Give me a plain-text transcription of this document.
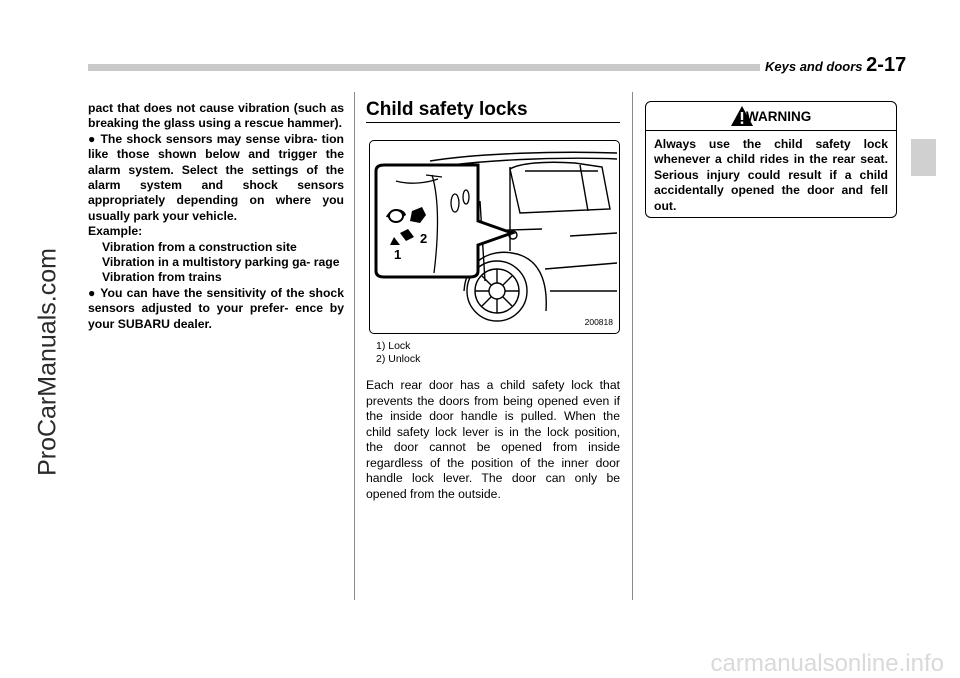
Keys and doors 2-17
ProCarManuals.com
carmanualsonline.info

pact that does not cause vibration (such as breaking the glass using a rescue hammer).

● The shock sensors may sense vibra- tion like those shown below and trigger the alarm system. Select the settings of the alarm system and shock sensors appropriately depending on where you usually park your vehicle.

Example:

Vibration from a construction site

Vibration in a multistory parking ga- rage

Vibration from trains

● You can have the sensitivity of the shock sensors adjusted to your prefer- ence by your SUBARU dealer.

Child safety locks
1
2
200818
1) Lock
2) Unlock

Each rear door has a child safety lock that prevents the doors from being opened even if the inside door handle is pulled. When the child safety lock lever is in the lock position, the door cannot be opened from inside regardless of the position of the inner door handle lock lever. The door can only be opened from the outside.

WARNING

Always use the child safety lock whenever a child rides in the rear seat. Serious injury could result if a child accidentally opened the door and fell out.
